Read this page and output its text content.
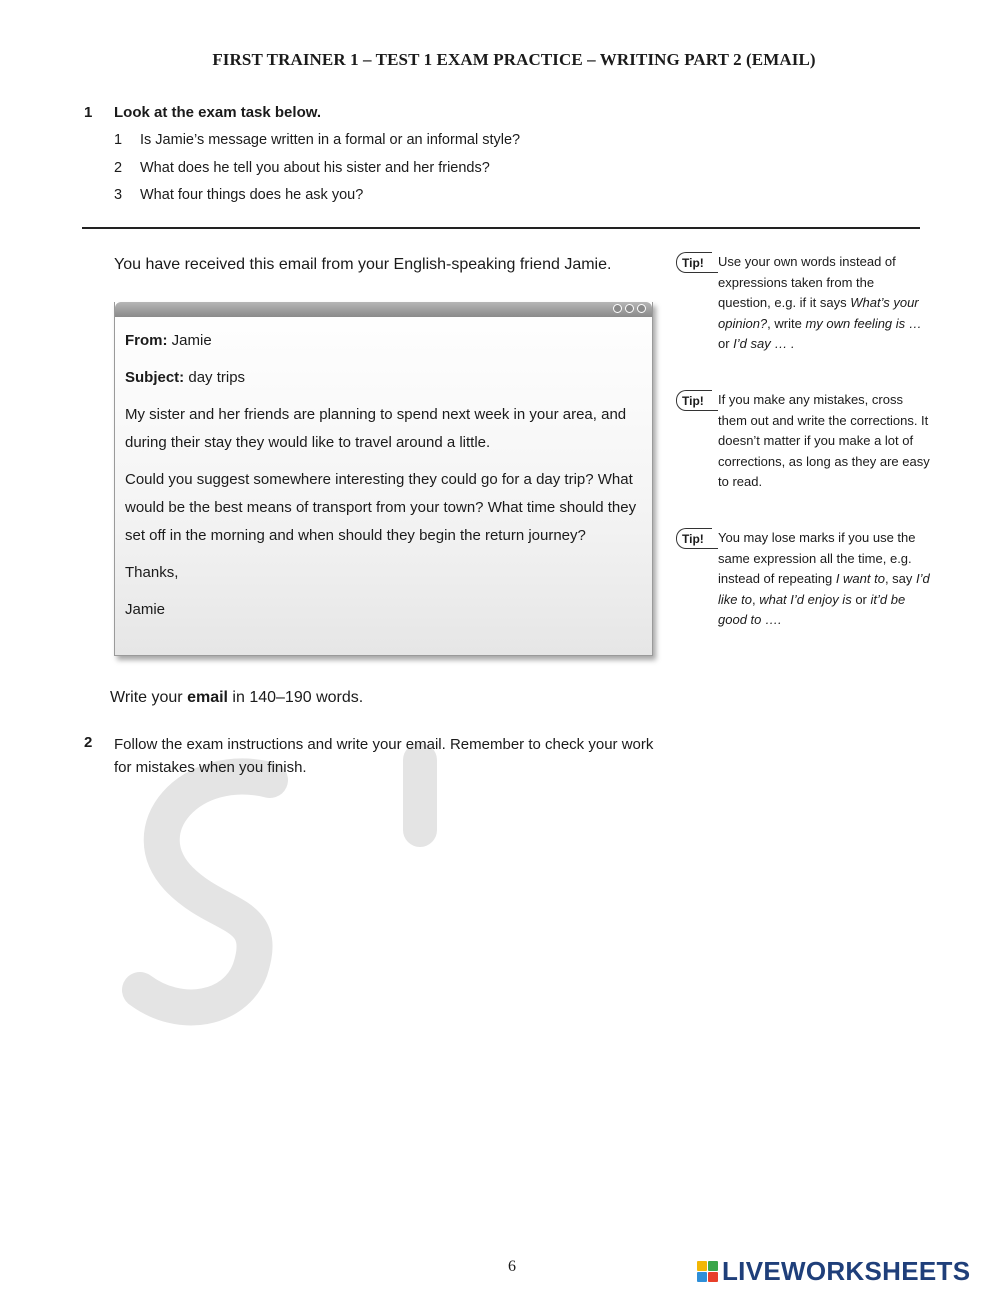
FIRST TRAINER 1 – TEST 1 EXAM PRACTICE – WRITING PART 2 (EMAIL)
1 Look at the exam task below.
1	Is Jamie’s message written in a formal or an informal style?
2	What does he tell you about his sister and her friends?
3	What four things does he ask you?
You have received this email from your English-speaking friend Jamie.

From: Jamie

Subject: day trips

My sister and her friends are planning to spend next week in your area, and during their stay they would like to travel around a little.

Could you suggest somewhere interesting they could go for a day trip? What would be the best means of transport from your town? What time should they set off in the morning and when should they begin the return journey?

Thanks,

Jamie

Tip!	Use your own words instead of expressions taken from the question, e.g. if it says What’s your opinion?, write my own feeling is … or I’d say … .
Tip!	If you make any mistakes, cross them out and write the corrections. It doesn’t matter if you make a lot of corrections, as long as they are easy to read.
Tip!	You may lose marks if you use the same expression all the time, e.g. instead of repeating I want to, say I’d like to, what I’d enjoy is or it’d be good to ….
Write your email in 140–190 words.
2 Follow the exam instructions and write your email. Remember to check your work for mistakes when you finish.
6	LIVEWORKSHEETS
